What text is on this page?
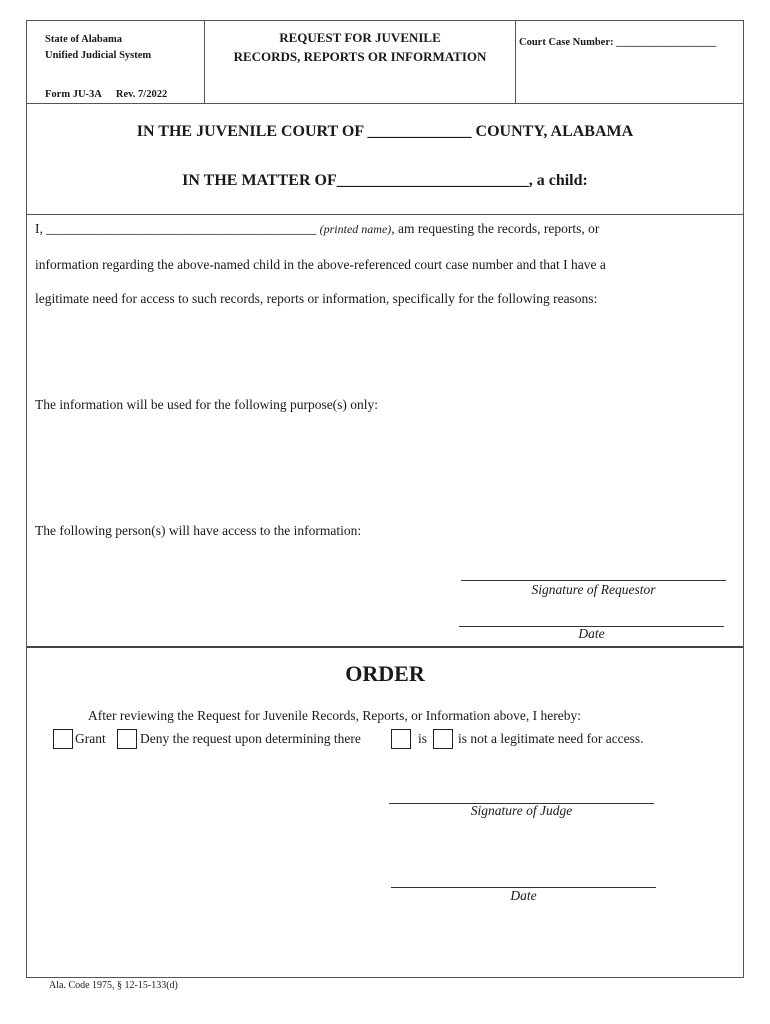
State of Alabama
Unified Judicial System
Form JU-3A Rev. 7/2022
REQUEST FOR JUVENILE
RECORDS, REPORTS OR INFORMATION
Court Case Number: ___________________
IN THE JUVENILE COURT OF _____________ COUNTY, ALABAMA
IN THE MATTER OF________________________, a child:
I, ________________________________________ (printed name), am requesting the records, reports, or
information regarding the above-named child in the above-referenced court case number and that I have a
legitimate need for access to such records, reports or information, specifically for the following reasons:
The information will be used for the following purpose(s) only:
The following person(s) will have access to the information:
Signature of Requestor
Date
ORDER
After reviewing the Request for Juvenile Records, Reports, or Information above, I hereby:
Grant	Deny the request upon determining there	is is not a legitimate need for access.
Signature of Judge
Date
Ala. Code 1975, § 12-15-133(d)
